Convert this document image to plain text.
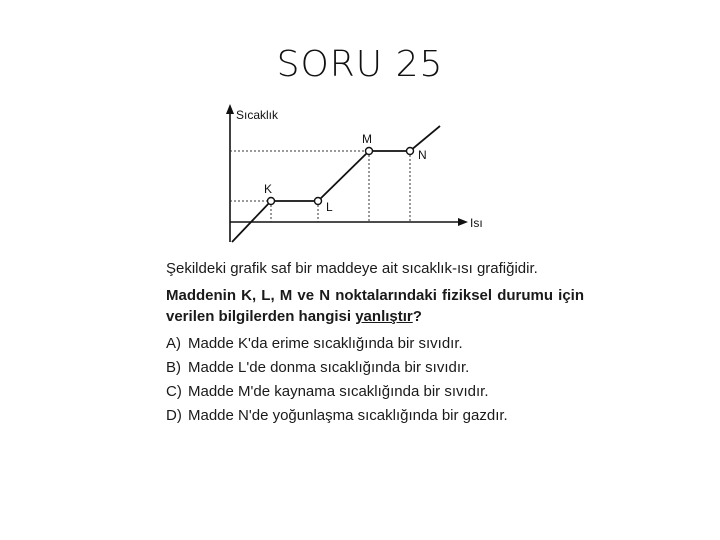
SORU 25
Sıcaklık
Isı
K
L
M
N

Şekildeki grafik saf bir maddeye ait sıcaklık-ısı grafiğidir.

Maddenin K, L, M ve N noktalarındaki fiziksel durumu için verilen bilgilerden hangisi yanlıştır?

A) Madde K'da erime sıcaklığında bir sıvıdır.
B) Madde L'de donma sıcaklığında bir sıvıdır.
C) Madde M'de kaynama sıcaklığında bir sıvıdır.
D) Madde N'de yoğunlaşma sıcaklığında bir gazdır.
